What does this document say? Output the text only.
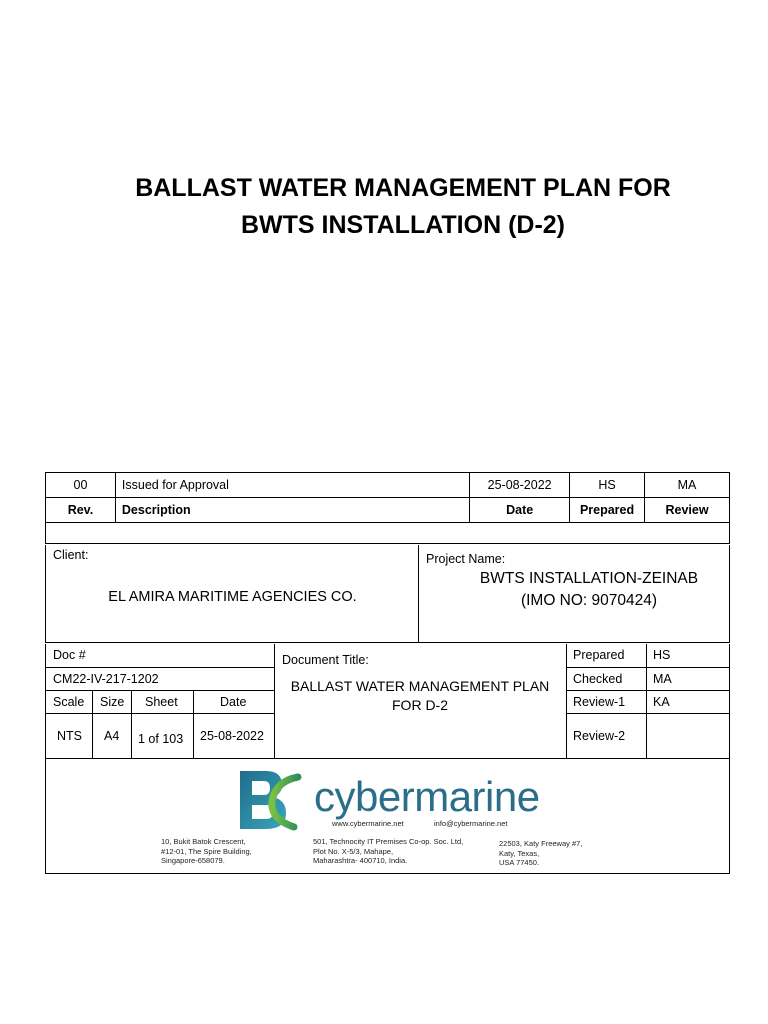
BALLAST WATER MANAGEMENT PLAN FOR
BWTS INSTALLATION (D-2)
00	Issued for Approval	25-08-2022	HS	MA
Rev.	Description	Date	Prepared	Review

Client:
EL AMIRA MARITIME AGENCIES CO.
Project Name:
BWTS INSTALLATION-ZEINAB
(IMO NO: 9070424)
Doc #
CM22-IV-217-1202
Scale Size Sheet	Date
NTS A4 1 of 103 25-08-2022
Document Title:
BALLAST WATER MANAGEMENT PLAN
FOR D-2
Prepared HS
Checked MA
Review-1 KA
Review-2
cybermarine
www.cybermarine.net	info@cybermarine.net
10, Bukit Batok Crescent,
#12-01, The Spire Building,
Singapore-658079.
501, Technocity IT Premises Co-op. Soc. Ltd,
Plot No. X-5/3, Mahape,
Maharashtra- 400710, India.
22503, Katy Freeway #7,
Katy, Texas,
USA 77450.
